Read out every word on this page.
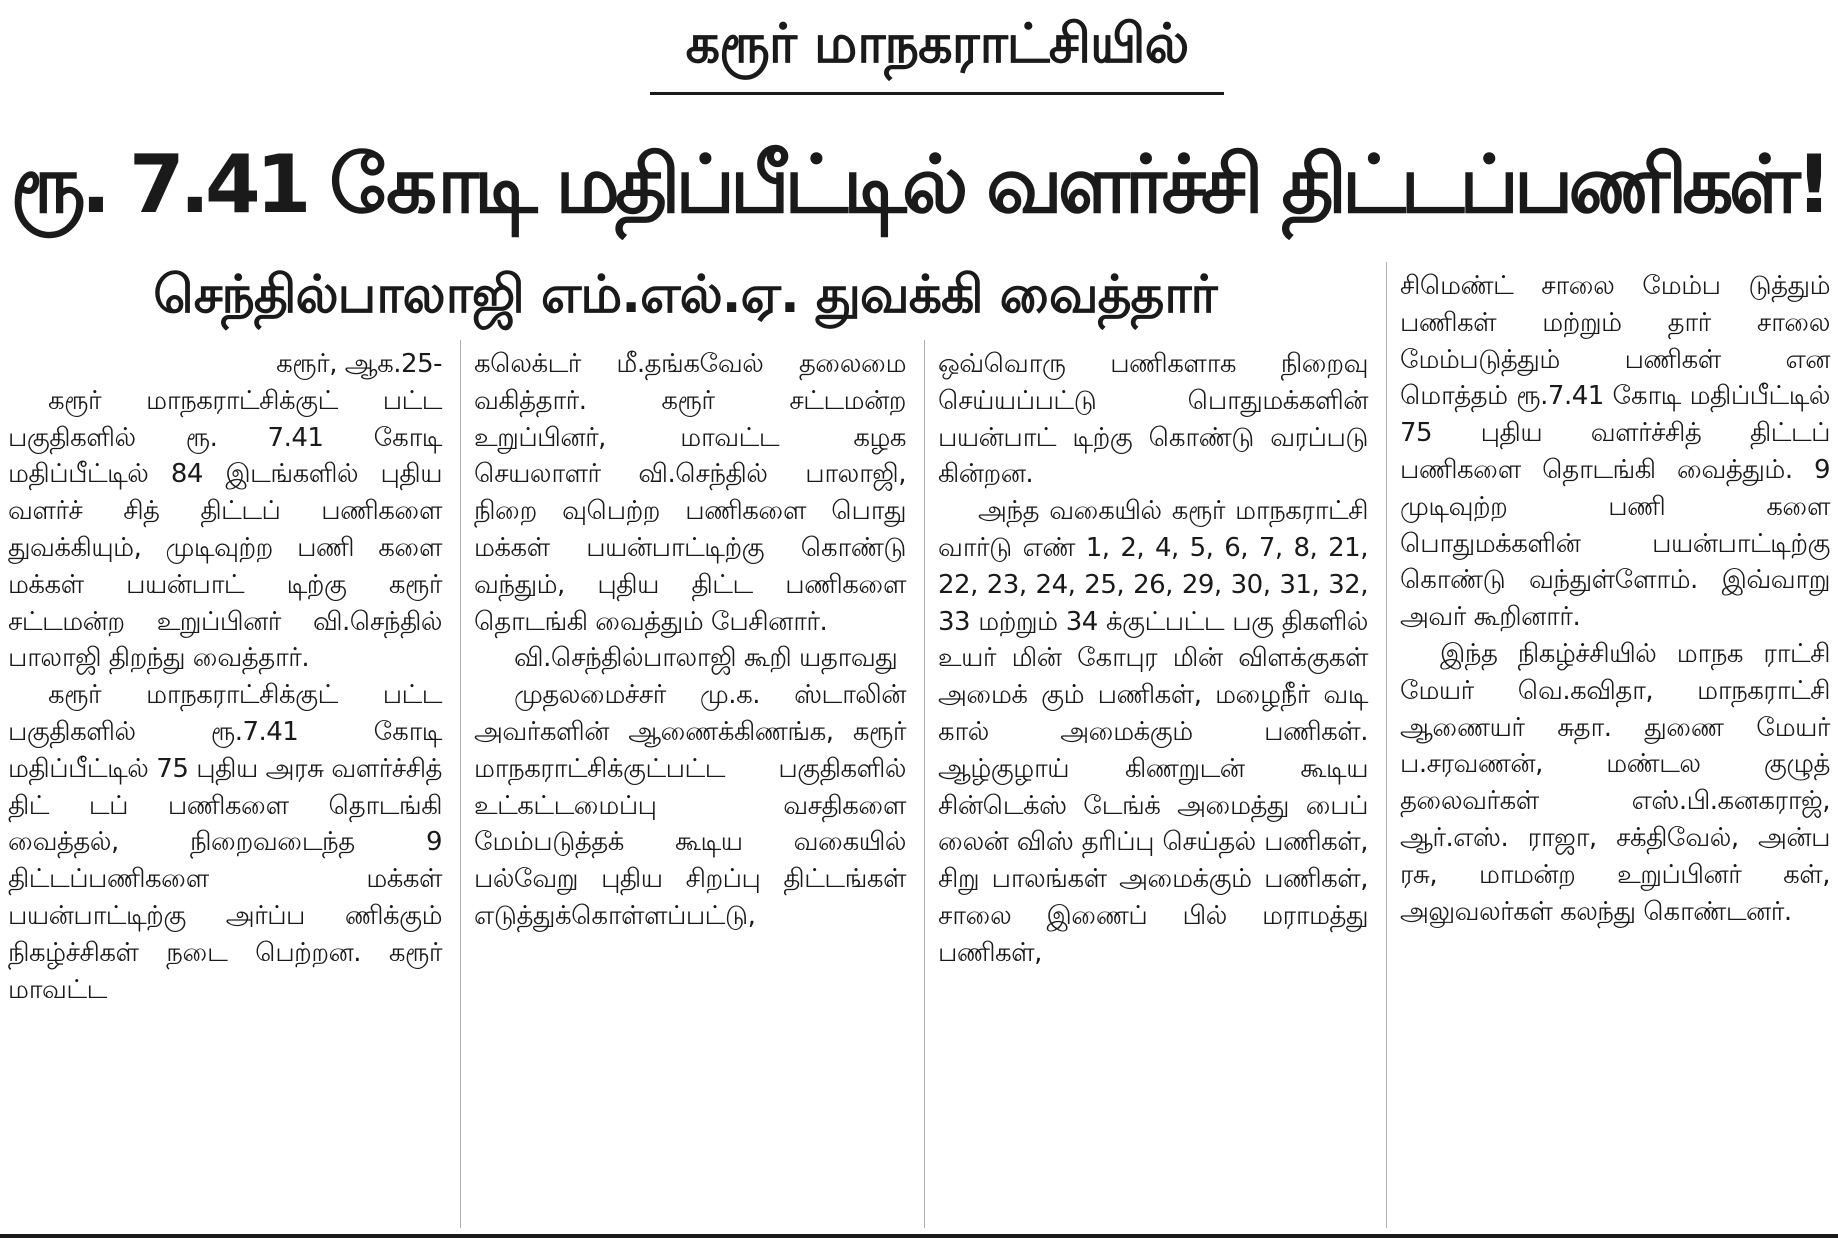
கரூர் மாநகராட்சியில்
ரூ. 7.41 கோடி மதிப்பீட்டில் வளர்ச்சி திட்டப்பணிகள்!
செந்தில்பாலாஜி எம்.எல்.ஏ. துவக்கி வைத்தார்

கரூர், ஆக.25-

கரூர் மாநகராட்சிக்குட் பட்ட பகுதிகளில் ரூ. 7.41 கோடி மதிப்பீட்டில் 84 இடங்களில் புதிய வளர்ச் சித் திட்டப் பணிகளை துவக்கியும், முடிவுற்ற பணி களை மக்கள் பயன்பாட் டிற்கு கரூர் சட்டமன்ற உறுப்பினர் வி.செந்தில் பாலாஜி திறந்து வைத்தார்.

கரூர் மாநகராட்சிக்குட் பட்ட பகுதிகளில் ரூ.7.41 கோடி மதிப்பீட்டில் 75 புதிய அரசு வளர்ச்சித் திட் டப் பணிகளை தொடங்கி வைத்தல், நிறைவடைந்த 9 திட்டப்பணிகளை மக்கள் பயன்பாட்டிற்கு அர்ப்ப ணிக்கும் நிகழ்ச்சிகள் நடை பெற்றன. கரூர் மாவட்ட

கலெக்டர் மீ.தங்கவேல் தலைமை வகித்தார். கரூர் சட்டமன்ற உறுப்பினர், மாவட்ட கழக செயலாளர் வி.செந்தில் பாலாஜி, நிறை வுபெற்ற பணிகளை பொது மக்கள் பயன்பாட்டிற்கு கொண்டு வந்தும், புதிய திட்ட பணிகளை தொடங்கி வைத்தும் பேசினார்.

வி.செந்தில்பாலாஜி கூறி யதாவது

முதலமைச்சர் மு.க. ஸ்டாலின் அவர்களின் ஆணைக்கிணங்க, கரூர் மாநகராட்சிக்குட்பட்ட பகுதிகளில் உட்கட்டமைப்பு வசதிகளை மேம்படுத்தக் கூடிய வகையில் பல்வேறு புதிய சிறப்பு திட்டங்கள் எடுத்துக்கொள்ளப்பட்டு,

ஒவ்வொரு பணிகளாக நிறைவு செய்யப்பட்டு பொதுமக்களின் பயன்பாட் டிற்கு கொண்டு வரப்படு கின்றன.

அந்த வகையில் கரூர் மாநகராட்சி வார்டு எண் 1, 2, 4, 5, 6, 7, 8, 21, 22, 23, 24, 25, 26, 29, 30, 31, 32, 33 மற்றும் 34 க்குட்பட்ட பகு திகளில் உயர் மின் கோபுர மின் விளக்குகள் அமைக் கும் பணிகள், மழைநீர் வடி கால் அமைக்கும் பணிகள். ஆழ்குழாய் கிணறுடன் கூடிய சின்டெக்ஸ் டேங்க் அமைத்து பைப் லைன் விஸ் தரிப்பு செய்தல் பணிகள், சிறு பாலங்கள் அமைக்கும் பணிகள், சாலை இணைப் பில் மராமத்து பணிகள்,

சிமெண்ட் சாலை மேம்ப டுத்தும் பணிகள் மற்றும் தார் சாலை மேம்படுத்தும் பணிகள் என மொத்தம் ரூ.7.41 கோடி மதிப்பீட்டில் 75 புதிய வளர்ச்சித் திட்டப் பணிகளை தொடங்கி வைத்தும். 9 முடிவுற்ற பணி களை பொதுமக்களின் பயன்பாட்டிற்கு கொண்டு வந்துள்ளோம். இவ்வாறு அவர் கூறினார்.

இந்த நிகழ்ச்சியில் மாநக ராட்சி மேயர் வெ.கவிதா, மாநகராட்சி ஆணையர் சுதா. துணை மேயர் ப.சரவணன், மண்டல குழுத் தலைவர்கள் எஸ்.பி.கனகராஜ், ஆர்.எஸ். ராஜா, சக்திவேல், அன்ப ரசு, மாமன்ற உறுப்பினர் கள், அலுவலர்கள் கலந்து கொண்டனர்.
